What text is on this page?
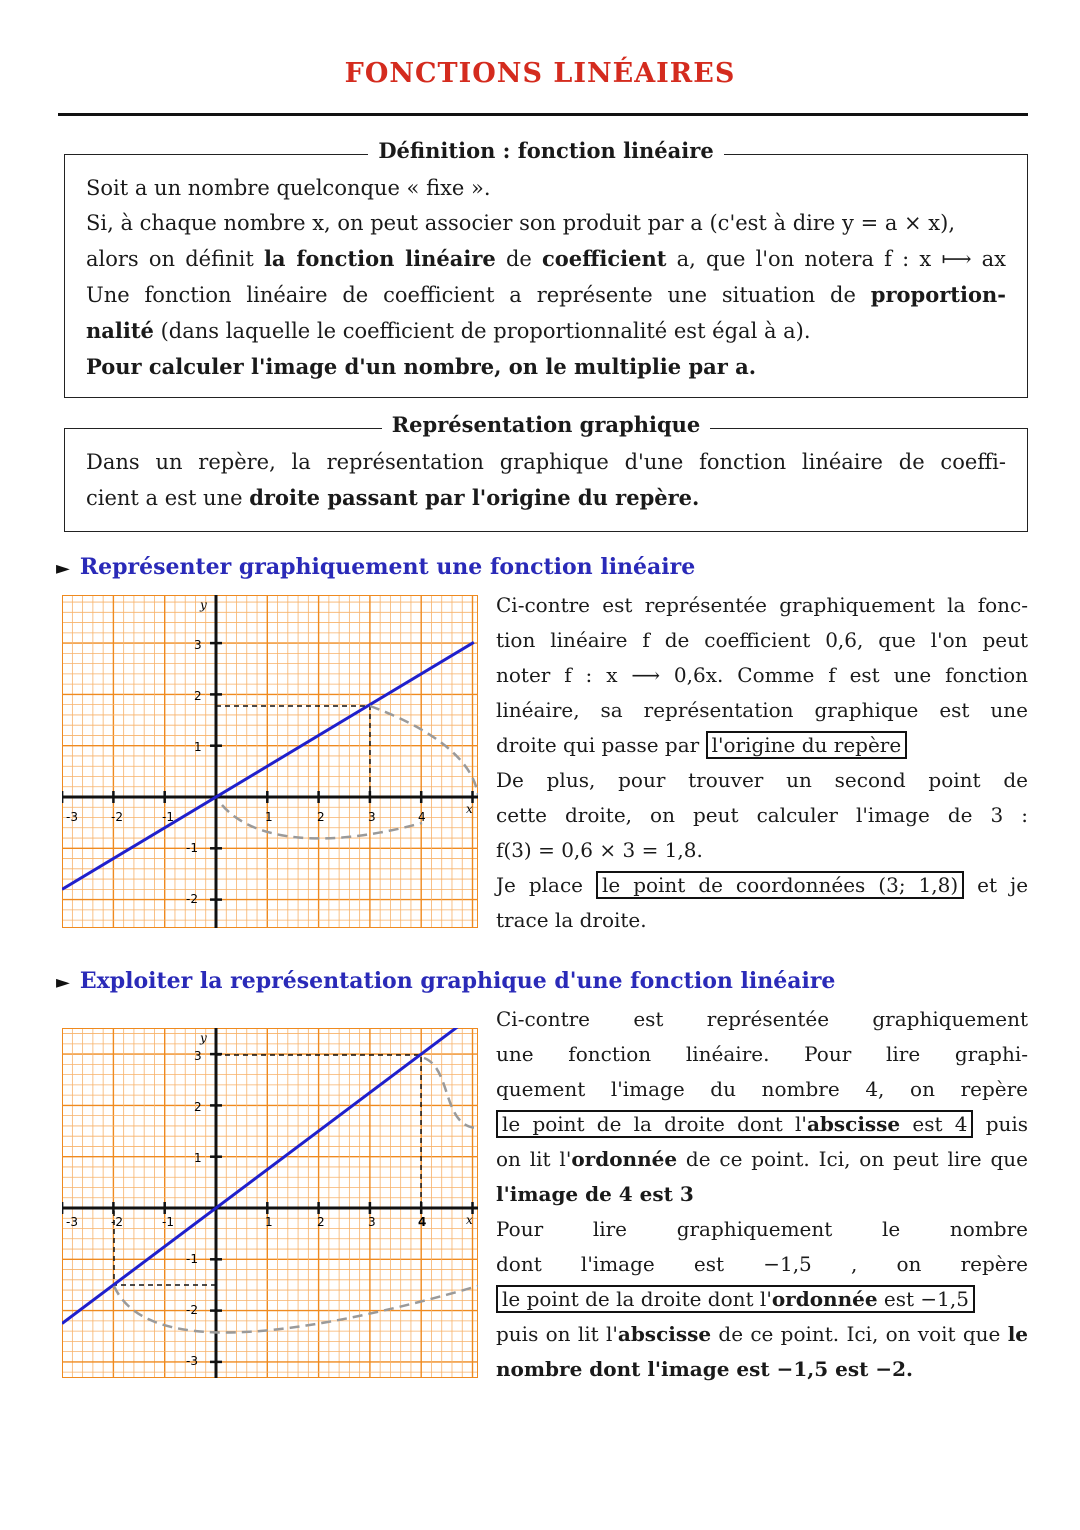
FONCTIONS LINÉAIRES
Définition : fonction linéaire

Soit a un nombre quelconque « fixe ».

Si, à chaque nombre x, on peut associer son produit par a (c'est à dire y = a × x),

alors on définit la fonction linéaire de coefficient a, que l'on notera f : x ⟼ ax

Une fonction linéaire de coefficient a représente une situation de proportion-

nalité (dans laquelle le coefficient de proportionnalité est égal à a).

Pour calculer l'image d'un nombre, on le multiplie par a.

Représentation graphique

Dans un repère, la représentation graphique d'une fonction linéaire de coeffi-

cient a est une droite passant par l'origine du repère.

► Représenter graphiquement une fonction linéaire
-3	-2	-1	1	2	3	4
3
2
1
-1
-2
x
y	Ci-contre est représentée graphiquement la fonc-

tion linéaire f de coefficient 0,6, que l'on peut

noter f : x ⟶ 0,6x. Comme f est une fonction

linéaire, sa représentation graphique est une

droite qui passe par l'origine du repère

De plus, pour trouver un second point de

cette droite, on peut calculer l'image de 3 :

f(3) = 0,6 × 3 = 1,8.

Je place le point de coordonnées (3; 1,8) et je

trace la droite.

► Exploiter la représentation graphique d'une fonction linéaire
-3	-2	-1	1	2	3	4
3
2
1
-1
-2
-3
x
y

Ci-contre est représentée graphiquement

une fonction linéaire. Pour lire graphi-

quement l'image du nombre 4, on repère

le point de la droite dont l'abscisse est 4 puis

on lit l'ordonnée de ce point. Ici, on peut lire que

l'image de 4 est 3

Pour lire graphiquement le nombre

dont l'image est −1,5 , on repère

le point de la droite dont l'ordonnée est −1,5

puis on lit l'abscisse de ce point. Ici, on voit que le

nombre dont l'image est −1,5 est −2.
